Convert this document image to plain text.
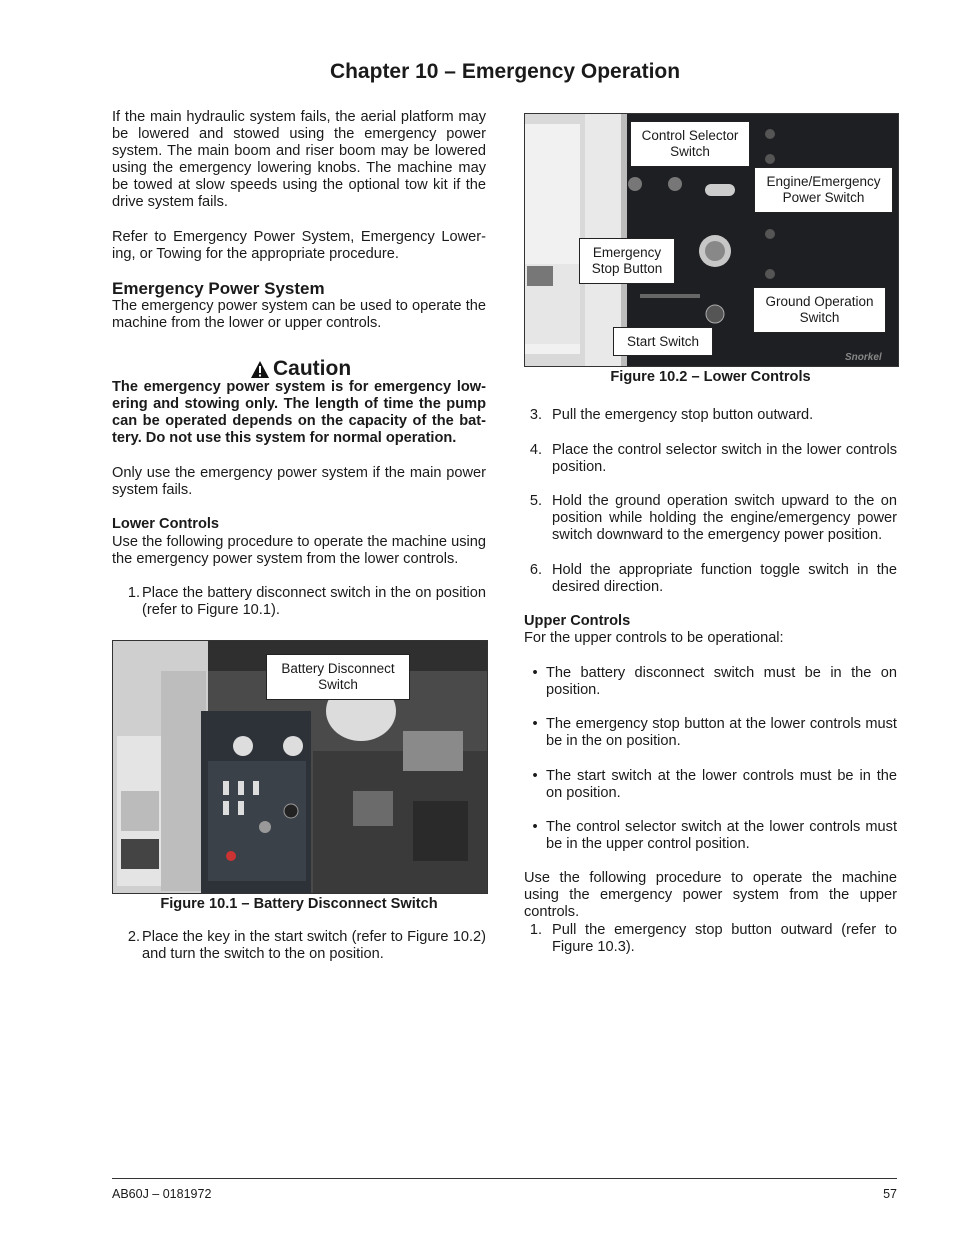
Chapter 10 – Emergency Operation
If the main hydraulic system fails, the aerial platform may be lowered and stowed using the emergency power system. The main boom and riser boom may be lowered using the emergency lowering knobs. The machine may be towed at slow speeds using the optional tow kit if the drive system fails.
Refer to Emergency Power System, Emergency Lower-ing, or Towing for the appropriate procedure.
Emergency Power System
The emergency power system can be used to operate the machine from the lower or upper controls.
Caution
The emergency power system is for emergency low-ering and stowing only. The length of time the pump can be operated depends on the capacity of the bat-tery. Do not use this system for normal operation.
Only use the emergency power system if the main power system fails.
Lower Controls
Use the following procedure to operate the machine using the emergency power system from the lower controls.
1. Place the battery disconnect switch in the on position (refer to Figure 10.1).
Battery Disconnect Switch
Figure 10.1 – Battery Disconnect Switch
2. Place the key in the start switch (refer to Figure 10.2) and turn the switch to the on position.
Snorkel
Control Selector Switch
Engine/Emergency Power Switch
Emergency Stop Button
Ground Operation Switch
Start Switch
Figure 10.2 – Lower Controls
3. Pull the emergency stop button outward.
4. Place the control selector switch in the lower controls position.
5. Hold the ground operation switch upward to the on position while holding the engine/emergency power switch downward to the emergency power position.
6. Hold the appropriate function toggle switch in the desired direction.
Upper Controls
For the upper controls to be operational:
• The battery disconnect switch must be in the on position.
• The emergency stop button at the lower controls must be in the on position.
• The start switch at the lower controls must be in the on position.
• The control selector switch at the lower controls must be in the upper control position.
Use the following procedure to operate the machine using the emergency power system from the upper controls.
1. Pull the emergency stop button outward (refer to Figure 10.3).
AB60J – 0181972	57
